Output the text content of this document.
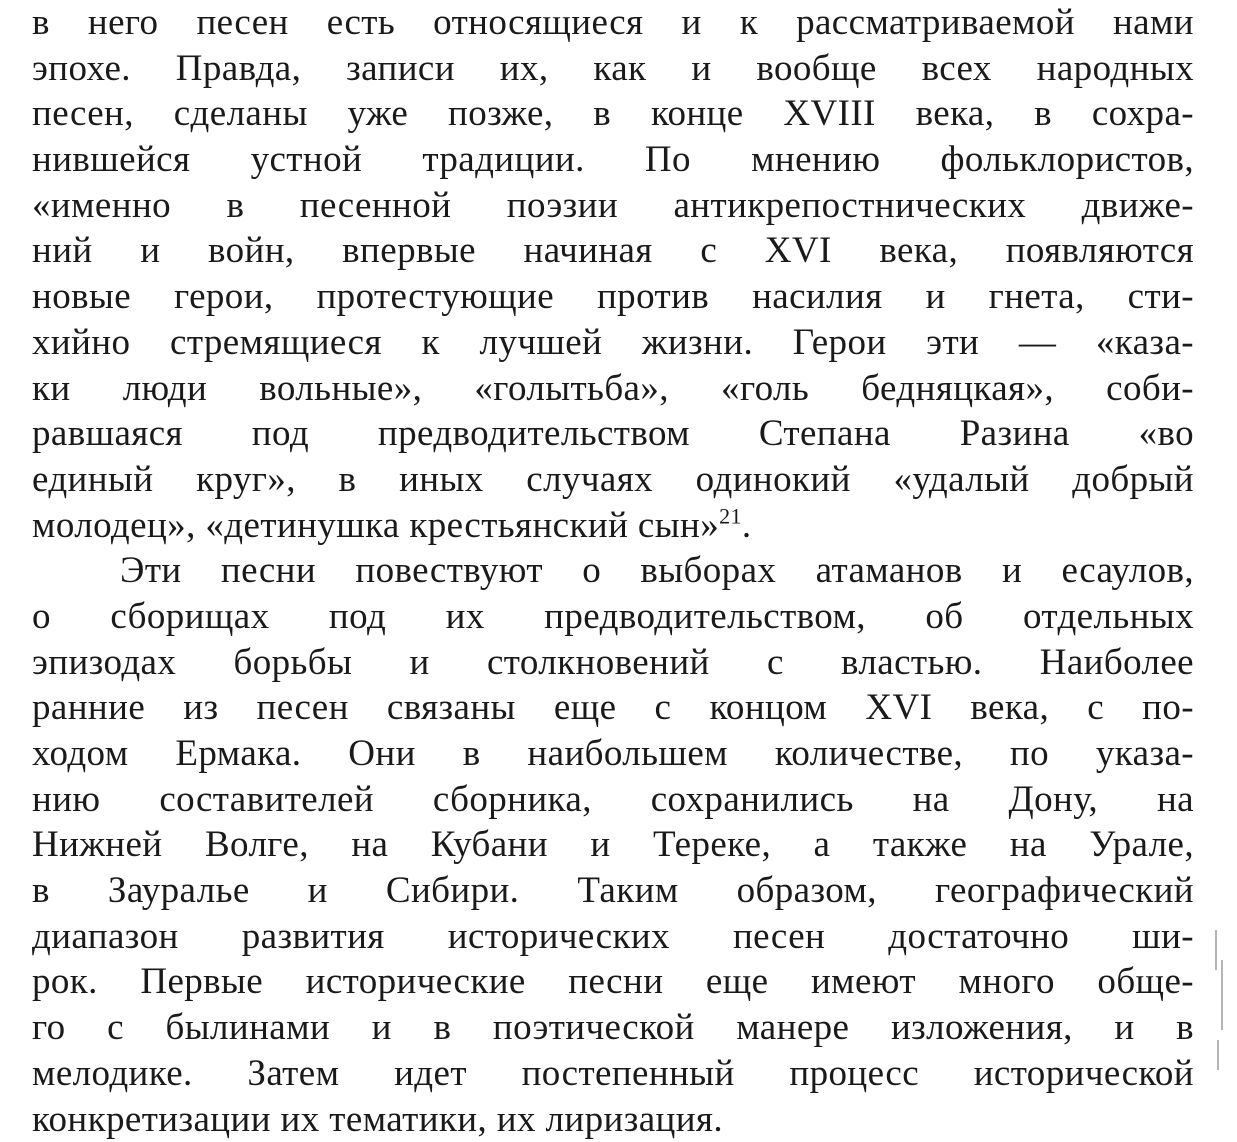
в него песен есть относящиеся и к рассматриваемой нами
эпохе. Правда, записи их, как и вообще всех народных
песен, сделаны уже позже, в конце XVIII века, в сохра-
нившейся устной традиции. По мнению фольклористов,
«именно в песенной поэзии антикрепостнических движе-
ний и войн, впервые начиная с XVI века, появляются
новые герои, протестующие против насилия и гнета, сти-
хийно стремящиеся к лучшей жизни. Герои эти — «каза-
ки люди вольные», «голытьба», «голь бедняцкая», соби-
равшаяся под предводительством Степана Разина «во
единый круг», в иных случаях одинокий «удалый добрый
молодец», «детинушка крестьянский сын»$^{21}$.
Эти песни повествуют о выборах атаманов и есаулов,
о сборищах под их предводительством, об отдельных
эпизодах борьбы и столкновений с властью. Наиболее
ранние из песен связаны еще с концом XVI века, с по-
ходом Ермака. Они в наибольшем количестве, по указа-
нию составителей сборника, сохранились на Дону, на
Нижней Волге, на Кубани и Тереке, а также на Урале,
в Зауралье и Сибири. Таким образом, географический
диапазон развития исторических песен достаточно ши-
рок. Первые исторические песни еще имеют много обще-
го с былинами и в поэтической манере изложения, и в
мелодике. Затем идет постепенный процесс исторической
конкретизации их тематики, их лиризация.
